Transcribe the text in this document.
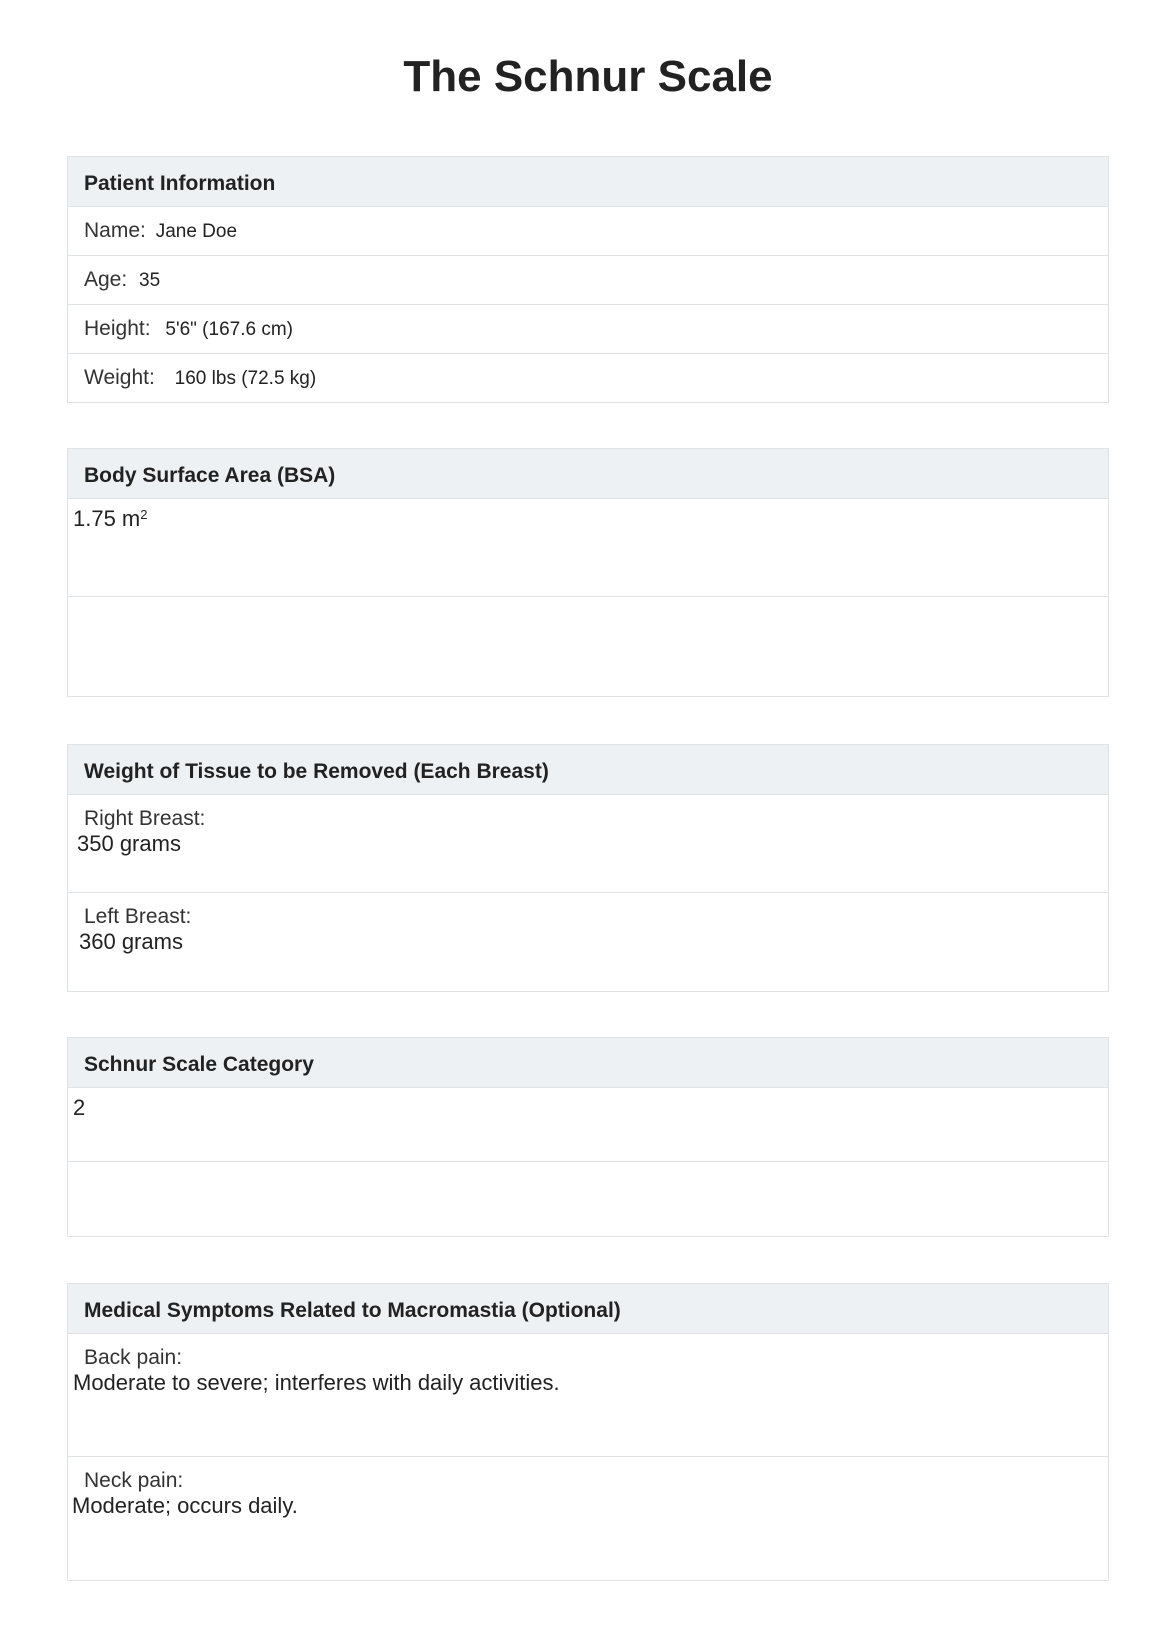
The Schnur Scale
Patient Information
Name: Jane Doe
Age: 35
Height: 5'6" (167.6 cm)
Weight: 160 lbs (72.5 kg)
Body Surface Area (BSA)
1.75 $m^2$
Weight of Tissue to be Removed (Each Breast)
Right Breast:
350 grams
Left Breast:
360 grams
Schnur Scale Category
2
Medical Symptoms Related to Macromastia (Optional)
Back pain:
Moderate to severe; interferes with daily activities.
Neck pain:
Moderate; occurs daily.
